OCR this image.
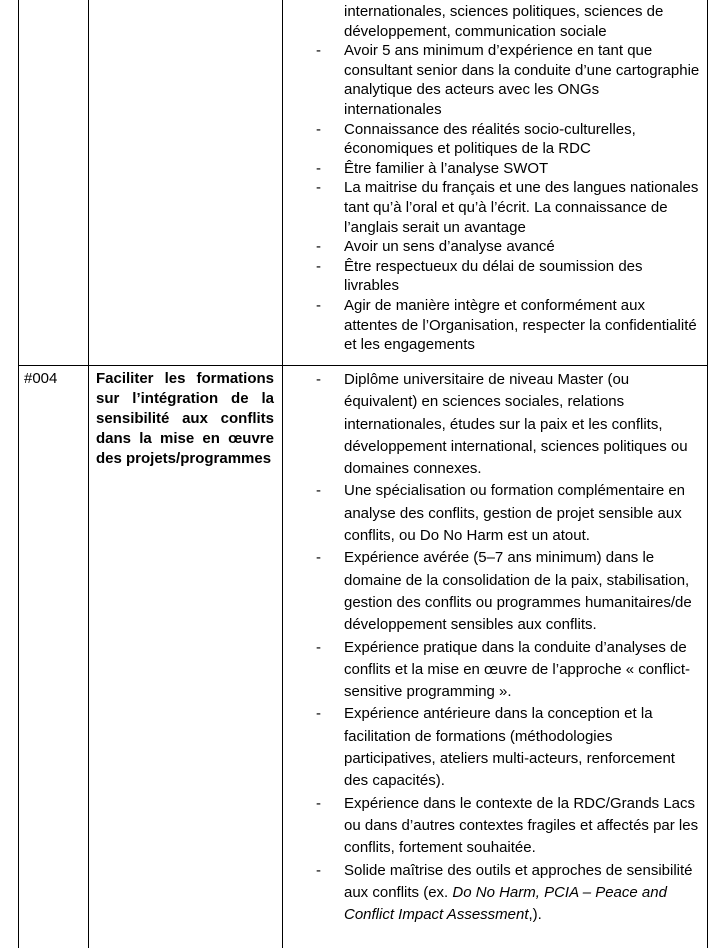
internationales, sciences politiques, sciences de développement, communication sociale
- Avoir 5 ans minimum d’expérience en tant que consultant senior dans la conduite d’une cartographie analytique des acteurs avec les ONGs internationales
- Connaissance des réalités socio-culturelles, économiques et politiques de la RDC
- Être familier à l’analyse SWOT
- La maitrise du français et une des langues nationales tant qu’à l’oral et qu’à l’écrit. La connaissance de l’anglais serait un avantage
- Avoir un sens d’analyse avancé
- Être respectueux du délai de soumission des livrables
- Agir de manière intègre et conformément aux attentes de l’Organisation, respecter la confidentialité et les engagements
#004	Faciliter les formations sur l’intégration de la sensibilité aux conflits dans la mise en œuvre des projets/programmes
- Diplôme universitaire de niveau Master (ou équivalent) en sciences sociales, relations internationales, études sur la paix et les conflits, développement international, sciences politiques ou domaines connexes.
- Une spécialisation ou formation complémentaire en analyse des conflits, gestion de projet sensible aux conflits, ou Do No Harm est un atout.
- Expérience avérée (5–7 ans minimum) dans le domaine de la consolidation de la paix, stabilisation, gestion des conflits ou programmes humanitaires/de développement sensibles aux conflits.
- Expérience pratique dans la conduite d’analyses de conflits et la mise en œuvre de l’approche « conflict-sensitive programming ».
- Expérience antérieure dans la conception et la facilitation de formations (méthodologies participatives, ateliers multi-acteurs, renforcement des capacités).
- Expérience dans le contexte de la RDC/Grands Lacs ou dans d’autres contextes fragiles et affectés par les conflits, fortement souhaitée.
- Solide maîtrise des outils et approches de sensibilité aux conflits (ex. Do No Harm, PCIA – Peace and Conflict Impact Assessment,).
